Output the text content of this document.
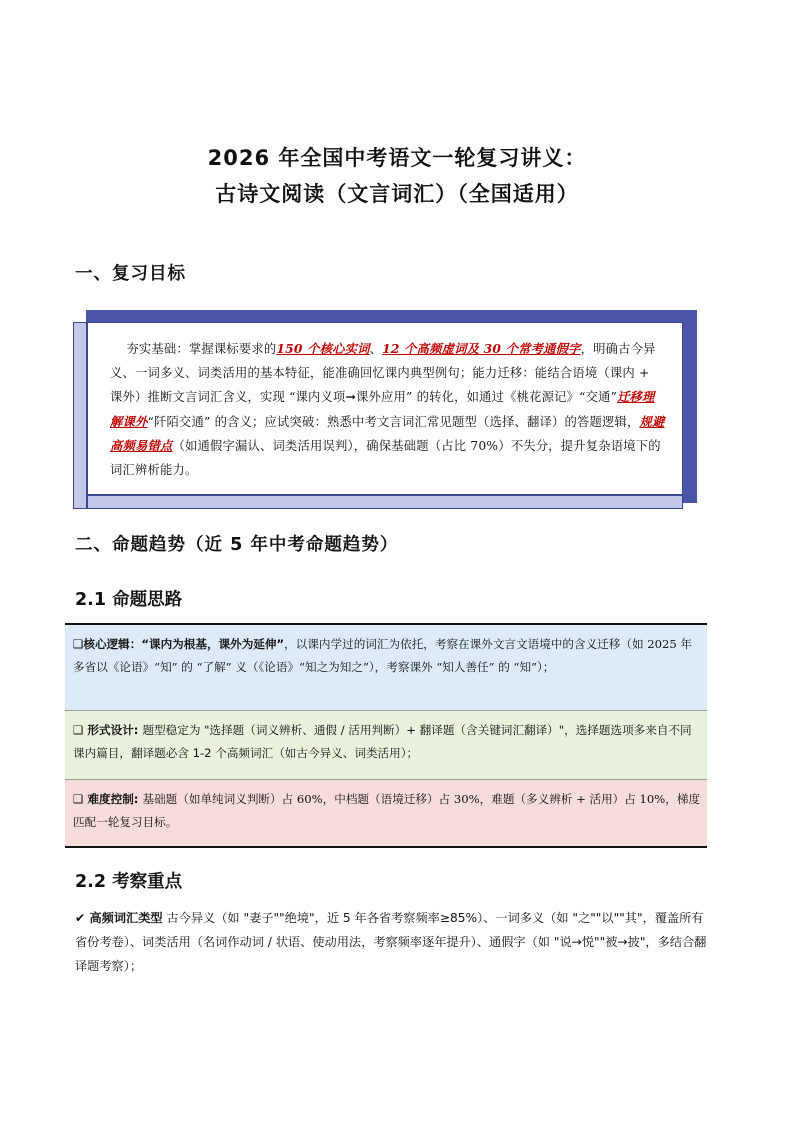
2026 年全国中考语文一轮复习讲义：
古诗文阅读（文言词汇）（全国适用）
一、复习目标
夯实基础：掌握课标要求的150 个核心实词、12 个高频虚词及 30 个常考通假字，明确古今异义、一词多义、词类活用的基本特征，能准确回忆课内典型例句；能力迁移：能结合语境（课内 + 课外）推断文言词汇含义，实现 “课内义项➞课外应用” 的转化，如通过《桃花源记》“交通”迁移理解课外“阡陌交通” 的含义；应试突破：熟悉中考文言词汇常见题型（选择、翻译）的答题逻辑，规避高频易错点（如通假字漏认、词类活用误判），确保基础题（占比 70%）不失分，提升复杂语境下的词汇辨析能力。
二、命题趋势（近 5 年中考命题趋势）
2.1 命题思路
❑核心逻辑：“课内为根基，课外为延伸”，以课内学过的词汇为依托，考察在课外文言文语境中的含义迁移（如 2025 年多省以《论语》“知” 的 “了解” 义（《论语》“知之为知之”），考察课外 “知人善任” 的 “知”）；
❑ 形式设计: 题型稳定为 "选择题（词义辨析、通假 / 活用判断）+ 翻译题（含关键词汇翻译）"，选择题选项多来自不同课内篇目，翻译题必含 1-2 个高频词汇（如古今异义、词类活用）；
❑ 难度控制: 基础题（如单纯词义判断）占 60%，中档题（语境迁移）占 30%，难题（多义辨析 + 活用）占 10%，梯度匹配一轮复习目标。
2.2 考察重点
✔ 高频词汇类型 古今异义（如 "妻子""绝境"，近 5 年各省考察频率≥85%）、一词多义（如 "之""以""其"，覆盖所有省份考卷）、词类活用（名词作动词 / 状语、使动用法，考察频率逐年提升）、通假字（如 "说→悦""被→披"，多结合翻译题考察）；
